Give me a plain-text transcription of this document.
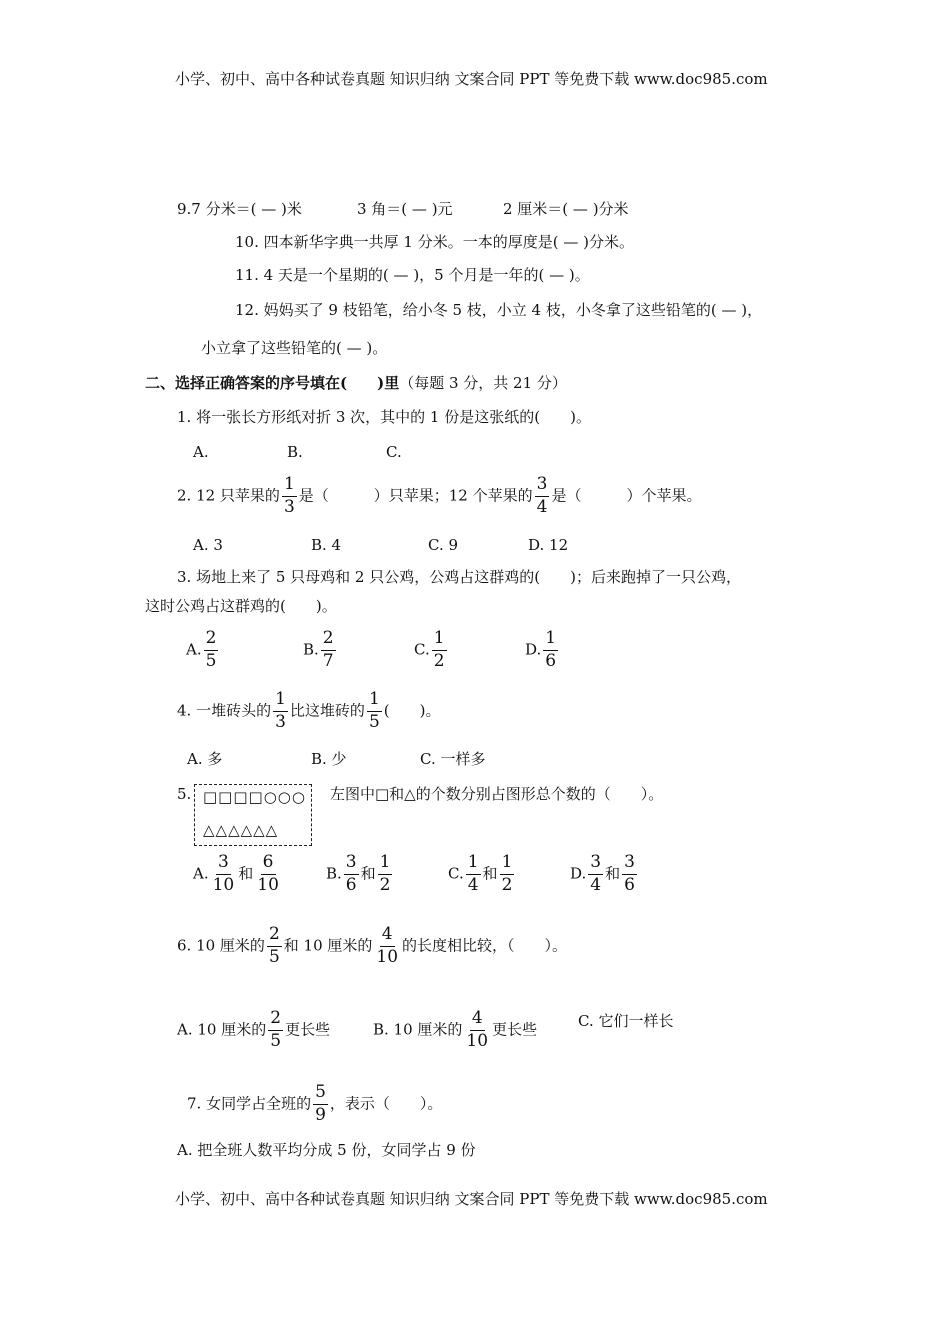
小学、初中、高中各种试卷真题 知识归纳 文案合同 PPT 等免费下载 www.doc985.com
小学、初中、高中各种试卷真题 知识归纳 文案合同 PPT 等免费下载 www.doc985.com
9.7 分米＝( — )米	3 角＝( — )元	2 厘米＝( — )分米
10. 四本新华字典一共厚 1 分米。一本的厚度是( — )分米。
11. 4 天是一个星期的( — )，5 个月是一年的( — )。
12. 妈妈买了 9 枝铅笔，给小冬 5 枝，小立 4 枝，小冬拿了这些铅笔的( — )，
小立拿了这些铅笔的( — )。
二、选择正确答案的序号填在(　　)里（每题 3 分，共 21 分）
1. 将一张长方形纸对折 3 次，其中的 1 份是这张纸的(　　)。
A.	B.	C.
2. 12 只苹果的 $\frac{1}{3}$ 是（　　　）只苹果；12 个苹果的 $\frac{3}{4}$ 是（　　　）个苹果。
A. 3	B. 4	C. 9	D. 12
3. 场地上来了 5 只母鸡和 2 只公鸡，公鸡占这群鸡的(　　)；后来跑掉了一只公鸡，
这时公鸡占这群鸡的(　　)。
A. $\frac{2}{5}$	B. $\frac{2}{7}$	C. $\frac{1}{2}$	D. $\frac{1}{6}$
4. 一堆砖头的 $\frac{1}{3}$ 比这堆砖的 $\frac{1}{5}$ (　　)。
A. 多	B. 少	C. 一样多
5. □□□□○○○
△△△△△△
左图中□和△的个数分别占图形总个数的（　　）。
A. $\frac{3}{10}$ 和 $\frac{6}{10}$	B. $\frac{3}{6}$ 和 $\frac{1}{2}$	C. $\frac{1}{4}$ 和 $\frac{1}{2}$	D. $\frac{3}{4}$ 和 $\frac{3}{6}$
6. 10 厘米的 $\frac{2}{5}$ 和 10 厘米的 $\frac{4}{10}$ 的长度相比较，（　　）。
A. 10 厘米的 $\frac{2}{5}$ 更长些	B. 10 厘米的 $\frac{4}{10}$ 更长些	C. 它们一样长
7. 女同学占全班的 $\frac{5}{9}$ ，表示（　　）。
A. 把全班人数平均分成 5 份，女同学占 9 份
